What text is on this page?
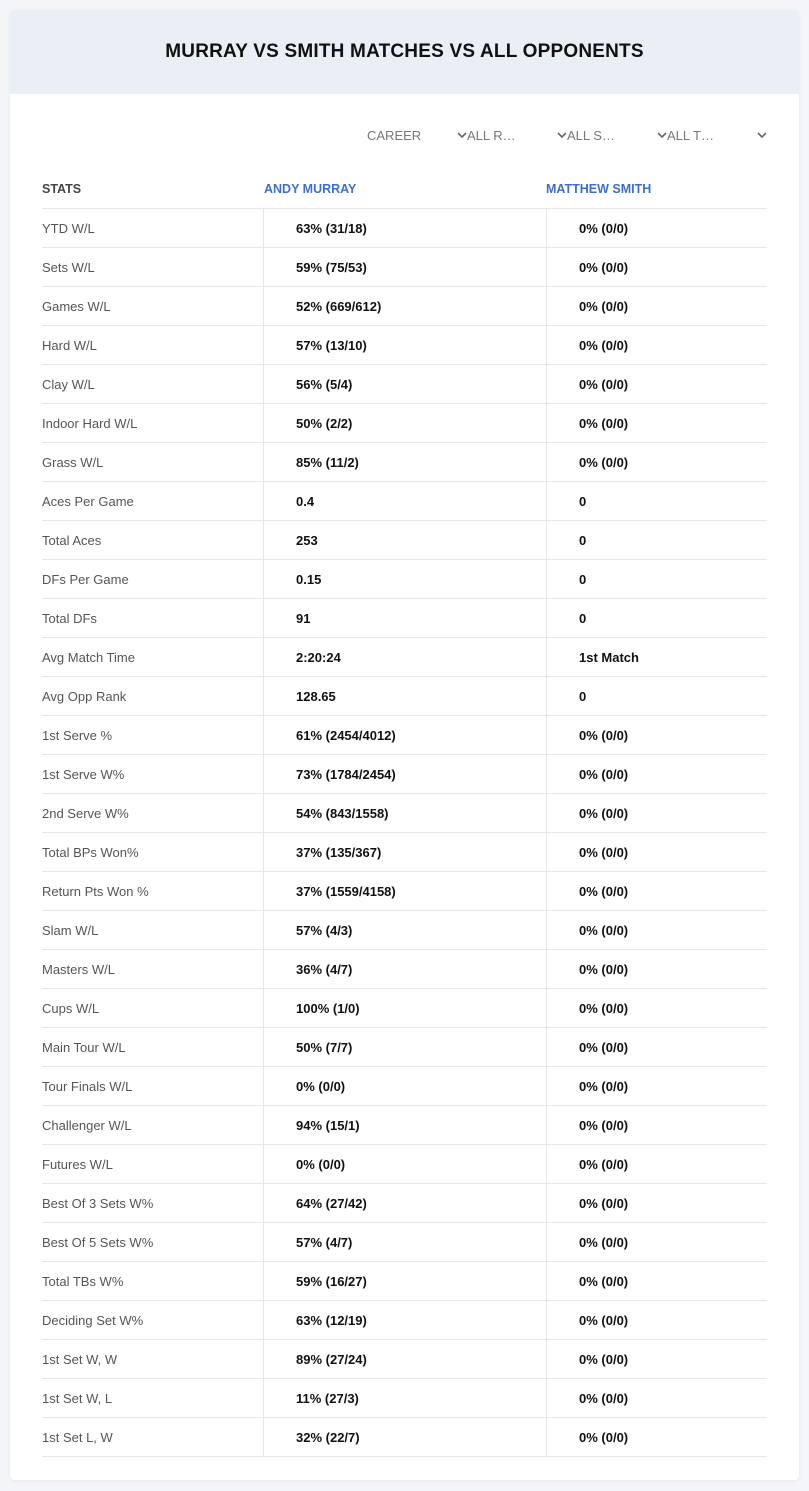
MURRAY VS SMITH MATCHES VS ALL OPPONENTS
CAREER	ALL R…	ALL S…	ALL T…
STATS	ANDY MURRAY	MATTHEW SMITH
YTD W/L	63% (31/18)	0% (0/0)
Sets W/L	59% (75/53)	0% (0/0)
Games W/L	52% (669/612)	0% (0/0)
Hard W/L	57% (13/10)	0% (0/0)
Clay W/L	56% (5/4)	0% (0/0)
Indoor Hard W/L	50% (2/2)	0% (0/0)
Grass W/L	85% (11/2)	0% (0/0)
Aces Per Game	0.4	0
Total Aces	253	0
DFs Per Game	0.15	0
Total DFs	91	0
Avg Match Time	2:20:24	1st Match
Avg Opp Rank	128.65	0
1st Serve %	61% (2454/4012)	0% (0/0)
1st Serve W%	73% (1784/2454)	0% (0/0)
2nd Serve W%	54% (843/1558)	0% (0/0)
Total BPs Won%	37% (135/367)	0% (0/0)
Return Pts Won %	37% (1559/4158)	0% (0/0)
Slam W/L	57% (4/3)	0% (0/0)
Masters W/L	36% (4/7)	0% (0/0)
Cups W/L	100% (1/0)	0% (0/0)
Main Tour W/L	50% (7/7)	0% (0/0)
Tour Finals W/L	0% (0/0)	0% (0/0)
Challenger W/L	94% (15/1)	0% (0/0)
Futures W/L	0% (0/0)	0% (0/0)
Best Of 3 Sets W%	64% (27/42)	0% (0/0)
Best Of 5 Sets W%	57% (4/7)	0% (0/0)
Total TBs W%	59% (16/27)	0% (0/0)
Deciding Set W%	63% (12/19)	0% (0/0)
1st Set W, W	89% (27/24)	0% (0/0)
1st Set W, L	11% (27/3)	0% (0/0)
1st Set L, W	32% (22/7)	0% (0/0)
